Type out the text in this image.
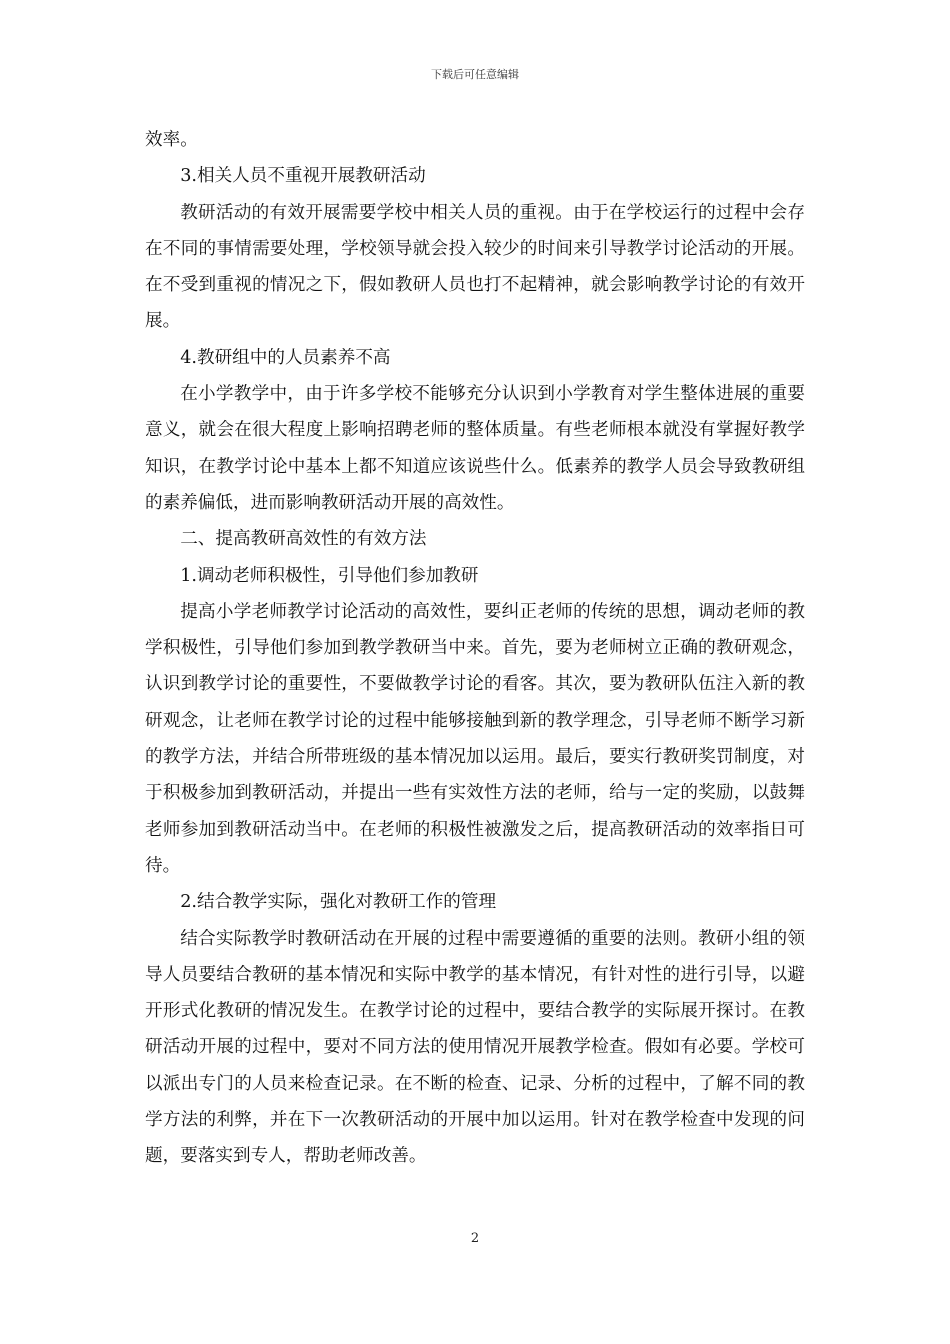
下载后可任意编辑

效率。

3.相关人员不重视开展教研活动

教研活动的有效开展需要学校中相关人员的重视。由于在学校运行的过程中会存在不同的事情需要处理，学校领导就会投入较少的时间来引导教学讨论活动的开展。在不受到重视的情况之下，假如教研人员也打不起精神，就会影响教学讨论的有效开展。

4.教研组中的人员素养不高

在小学教学中，由于许多学校不能够充分认识到小学教育对学生整体进展的重要意义，就会在很大程度上影响招聘老师的整体质量。有些老师根本就没有掌握好教学知识，在教学讨论中基本上都不知道应该说些什么。低素养的教学人员会导致教研组的素养偏低，进而影响教研活动开展的高效性。

二、提高教研高效性的有效方法

1.调动老师积极性，引导他们参加教研

提高小学老师教学讨论活动的高效性，要纠正老师的传统的思想，调动老师的教学积极性，引导他们参加到教学教研当中来。首先，要为老师树立正确的教研观念，认识到教学讨论的重要性，不要做教学讨论的看客。其次，要为教研队伍注入新的教研观念，让老师在教学讨论的过程中能够接触到新的教学理念，引导老师不断学习新的教学方法，并结合所带班级的基本情况加以运用。最后，要实行教研奖罚制度，对于积极参加到教研活动，并提出一些有实效性方法的老师，给与一定的奖励，以鼓舞老师参加到教研活动当中。在老师的积极性被激发之后，提高教研活动的效率指日可待。

2.结合教学实际，强化对教研工作的管理

结合实际教学时教研活动在开展的过程中需要遵循的重要的法则。教研小组的领导人员要结合教研的基本情况和实际中教学的基本情况，有针对性的进行引导，以避开形式化教研的情况发生。在教学讨论的过程中，要结合教学的实际展开探讨。在教研活动开展的过程中，要对不同方法的使用情况开展教学检查。假如有必要。学校可以派出专门的人员来检查记录。在不断的检查、记录、分析的过程中，了解不同的教学方法的利弊，并在下一次教研活动的开展中加以运用。针对在教学检查中发现的问题，要落实到专人，帮助老师改善。

2
